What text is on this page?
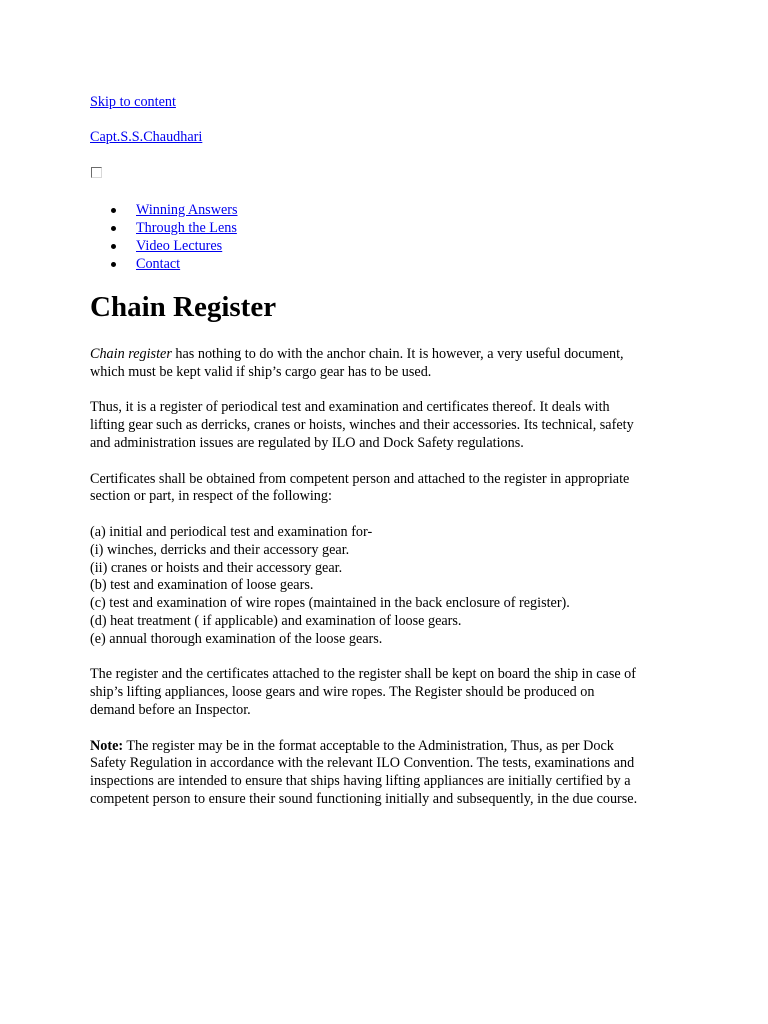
Skip to content
Capt.S.S.Chaudhari
Winning Answers
Through the Lens
Video Lectures
Contact
Chain Register

Chain register has nothing to do with the anchor chain. It is however, a very useful document,
which must be kept valid if ship’s cargo gear has to be used.

Thus, it is a register of periodical test and examination and certificates thereof. It deals with
lifting gear such as derricks, cranes or hoists, winches and their accessories. Its technical, safety
and administration issues are regulated by ILO and Dock Safety regulations.

Certificates shall be obtained from competent person and attached to the register in appropriate
section or part, in respect of the following:

(a) initial and periodical test and examination for-
(i) winches, derricks and their accessory gear.
(ii) cranes or hoists and their accessory gear.
(b) test and examination of loose gears.
(c) test and examination of wire ropes (maintained in the back enclosure of register).
(d) heat treatment ( if applicable) and examination of loose gears.
(e) annual thorough examination of the loose gears.

The register and the certificates attached to the register shall be kept on board the ship in case of
ship’s lifting appliances, loose gears and wire ropes. The Register should be produced on
demand before an Inspector.

Note: The register may be in the format acceptable to the Administration, Thus, as per Dock
Safety Regulation in accordance with the relevant ILO Convention. The tests, examinations and
inspections are intended to ensure that ships having lifting appliances are initially certified by a
competent person to ensure their sound functioning initially and subsequently, in the due course.
